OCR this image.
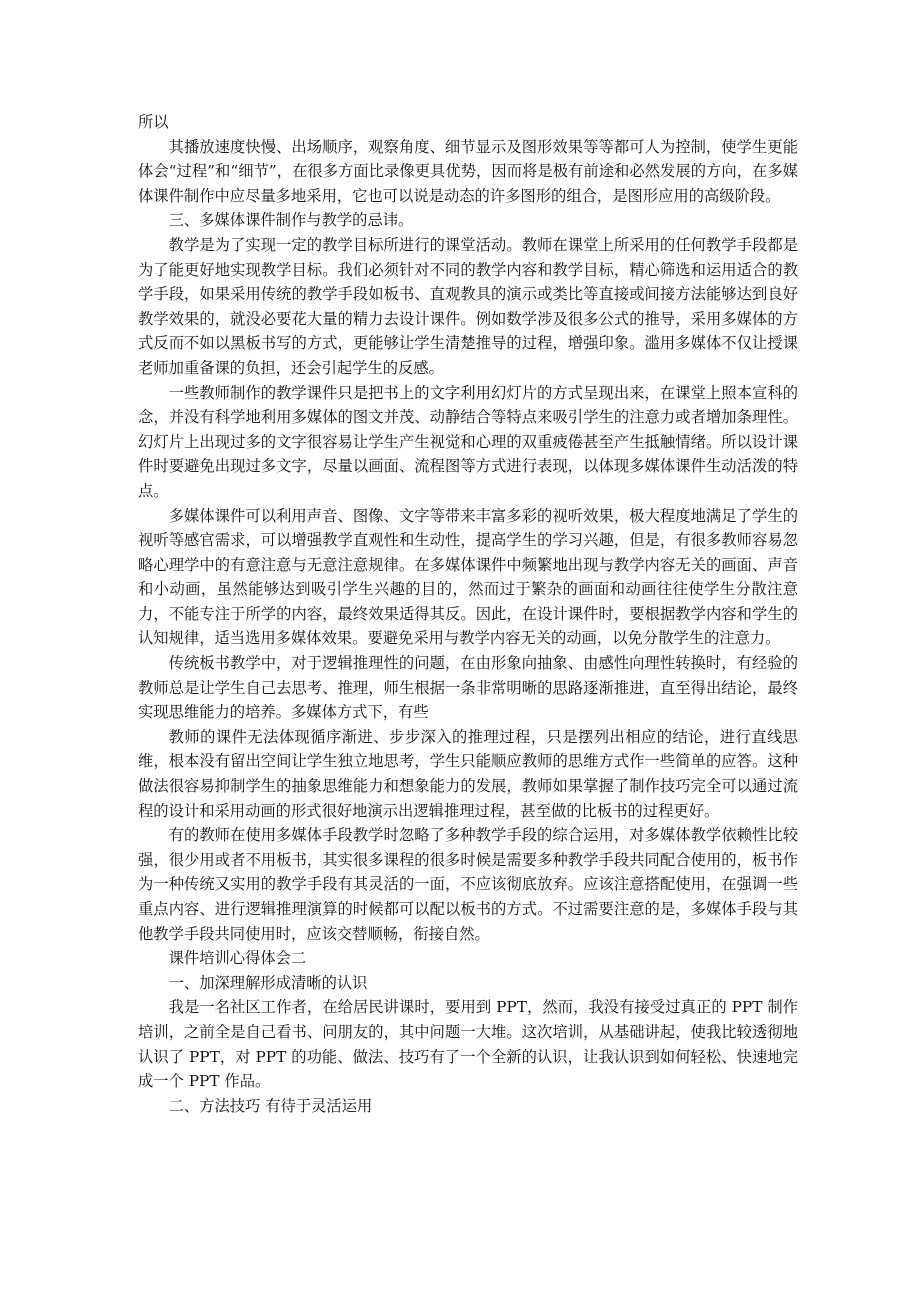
所以

其播放速度快慢、出场顺序，观察角度、细节显示及图形效果等等都可人为控制，使学生更能体会“过程”和“细节”，在很多方面比录像更具优势，因而将是极有前途和必然发展的方向，在多媒体课件制作中应尽量多地采用，它也可以说是动态的许多图形的组合，是图形应用的高级阶段。

三、多媒体课件制作与教学的忌讳。

教学是为了实现一定的教学目标所进行的课堂活动。教师在课堂上所采用的任何教学手段都是为了能更好地实现教学目标。我们必须针对不同的教学内容和教学目标，精心筛选和运用适合的教学手段，如果采用传统的教学手段如板书、直观教具的演示或类比等直接或间接方法能够达到良好教学效果的，就没必要花大量的精力去设计课件。例如数学涉及很多公式的推导，采用多媒体的方式反而不如以黑板书写的方式，更能够让学生清楚推导的过程，增强印象。滥用多媒体不仅让授课老师加重备课的负担，还会引起学生的反感。

一些教师制作的教学课件只是把书上的文字利用幻灯片的方式呈现出来，在课堂上照本宣科的念，并没有科学地利用多媒体的图文并茂、动静结合等特点来吸引学生的注意力或者增加条理性。幻灯片上出现过多的文字很容易让学生产生视觉和心理的双重疲倦甚至产生抵触情绪。所以设计课件时要避免出现过多文字，尽量以画面、流程图等方式进行表现，以体现多媒体课件生动活泼的特点。

多媒体课件可以利用声音、图像、文字等带来丰富多彩的视听效果，极大程度地满足了学生的视听等感官需求，可以增强教学直观性和生动性，提高学生的学习兴趣，但是，有很多教师容易忽略心理学中的有意注意与无意注意规律。在多媒体课件中频繁地出现与教学内容无关的画面、声音和小动画，虽然能够达到吸引学生兴趣的目的，然而过于繁杂的画面和动画往往使学生分散注意力，不能专注于所学的内容，最终效果适得其反。因此，在设计课件时，要根据教学内容和学生的认知规律，适当选用多媒体效果。要避免采用与教学内容无关的动画，以免分散学生的注意力。

传统板书教学中，对于逻辑推理性的问题，在由形象向抽象、由感性向理性转换时，有经验的教师总是让学生自己去思考、推理，师生根据一条非常明晰的思路逐渐推进，直至得出结论，最终实现思维能力的培养。多媒体方式下，有些

教师的课件无法体现循序渐进、步步深入的推理过程，只是摆列出相应的结论，进行直线思维，根本没有留出空间让学生独立地思考，学生只能顺应教师的思维方式作一些简单的应答。这种做法很容易抑制学生的抽象思维能力和想象能力的发展，教师如果掌握了制作技巧完全可以通过流程的设计和采用动画的形式很好地演示出逻辑推理过程，甚至做的比板书的过程更好。

有的教师在使用多媒体手段教学时忽略了多种教学手段的综合运用，对多媒体教学依赖性比较强，很少用或者不用板书，其实很多课程的很多时候是需要多种教学手段共同配合使用的，板书作为一种传统又实用的教学手段有其灵活的一面，不应该彻底放弃。应该注意搭配使用，在强调一些重点内容、进行逻辑推理演算的时候都可以配以板书的方式。不过需要注意的是，多媒体手段与其他教学手段共同使用时，应该交替顺畅，衔接自然。

课件培训心得体会二

一、加深理解形成清晰的认识

我是一名社区工作者，在给居民讲课时，要用到 PPT，然而，我没有接受过真正的 PPT 制作培训，之前全是自己看书、问朋友的，其中问题一大堆。这次培训，从基础讲起，使我比较透彻地认识了 PPT，对 PPT 的功能、做法、技巧有了一个全新的认识，让我认识到如何轻松、快速地完成一个 PPT 作品。

二、方法技巧 有待于灵活运用
